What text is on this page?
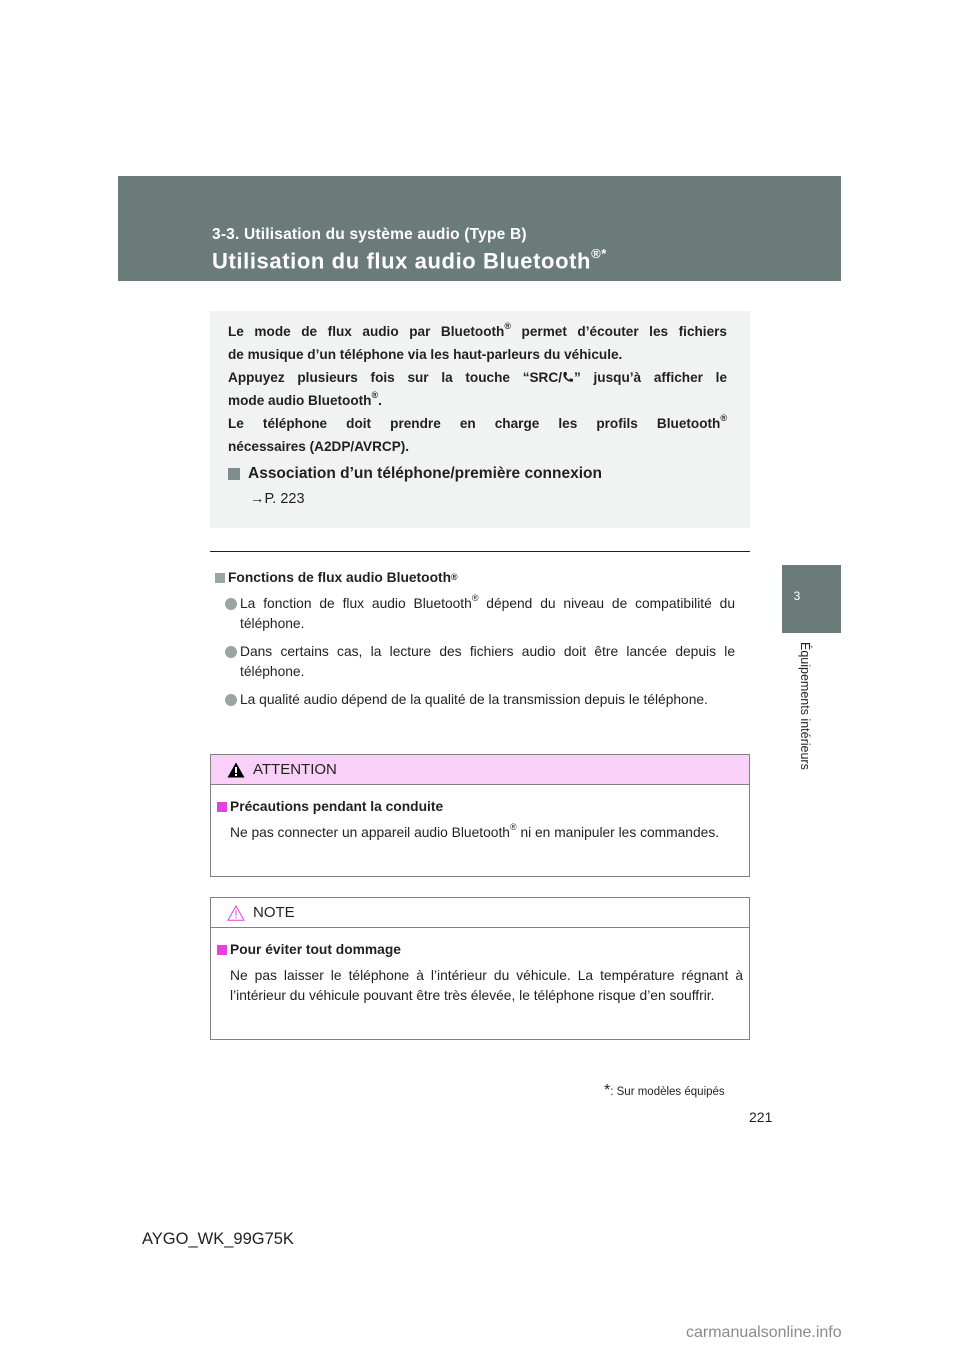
3-3. Utilisation du système audio (Type B)
Utilisation du flux audio Bluetooth®*
3
Équipements intérieurs

Le mode de flux audio par Bluetooth® permet d’écouter les fichiers

de musique d’un téléphone via les haut-parleurs du véhicule.

Appuyez plusieurs fois sur la touche “SRC/ ” jusqu’à afficher le

mode audio Bluetooth®.

Le téléphone doit prendre en charge les profils Bluetooth®

nécessaires (A2DP/AVRCP).

Association d’un téléphone/première connexion
→P. 223
Fonctions de flux audio Bluetooth®
La fonction de flux audio Bluetooth® dépend du niveau de compatibilité du téléphone.
Dans certains cas, la lecture des fichiers audio doit être lancée depuis le téléphone.
La qualité audio dépend de la qualité de la transmission depuis le téléphone.
ATTENTION
Précautions pendant la conduite
Ne pas connecter un appareil audio Bluetooth® ni en manipuler les commandes.
NOTE
Pour éviter tout dommage
Ne pas laisser le téléphone à l’intérieur du véhicule. La température régnant à l’intérieur du véhicule pouvant être très élevée, le téléphone risque d’en souffrir.
*: Sur modèles équipés
221
AYGO_WK_99G75K
carmanualsonline.info
